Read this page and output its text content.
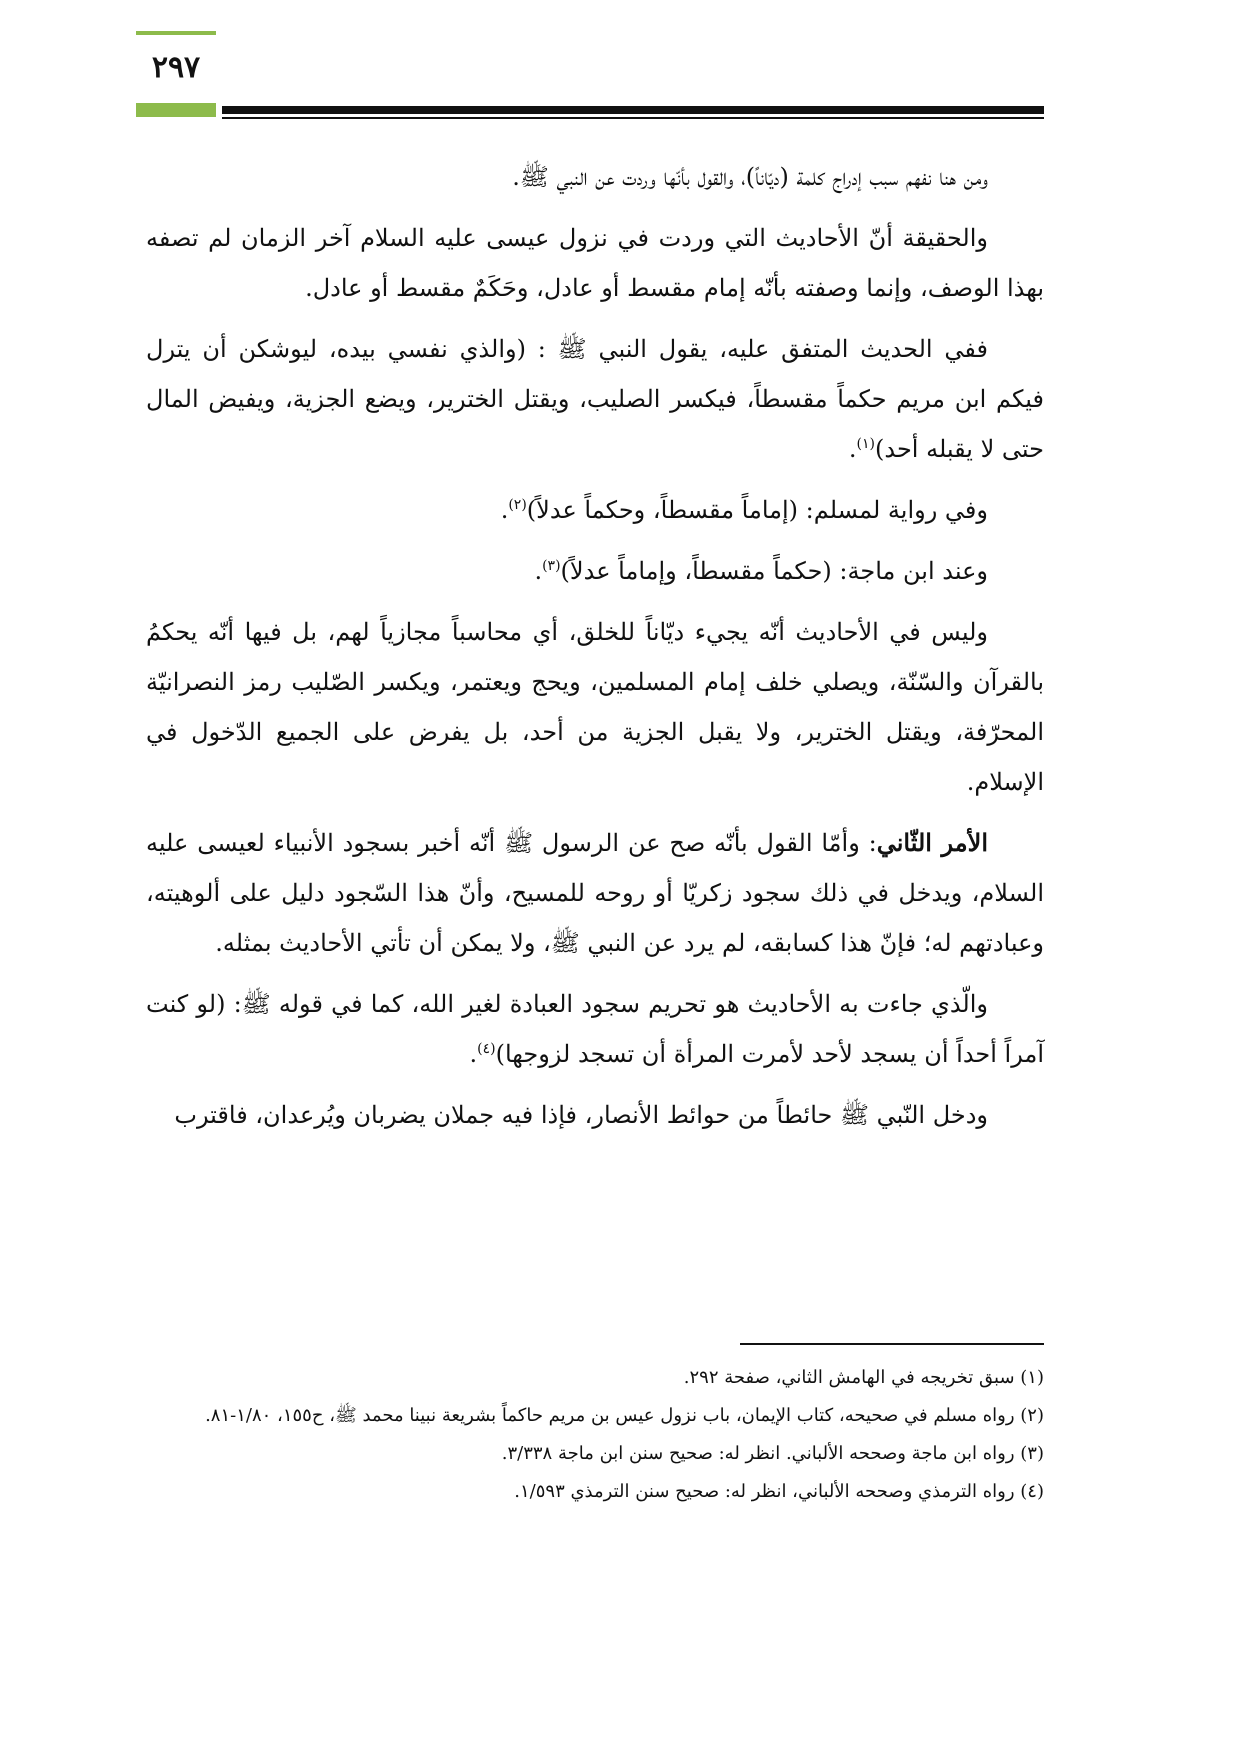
٢٩٧

ومن هنا نفهم سبب إدراج كلمة (ديّاناً)، والقول بأنّها وردت عن النبي ﷺ.

والحقيقة أنّ الأحاديث التي وردت في نزول عيسى عليه السلام آخر الزمان لم تصفه بهذا الوصف، وإنما وصفته بأنّه إمام مقسط أو عادل، وحَكَمٌ مقسط أو عادل.

ففي الحديث المتفق عليه، يقول النبي ﷺ : (والذي نفسي بيده، ليوشكن أن يترل فيكم ابن مريم حكماً مقسطاً، فيكسر الصليب، ويقتل الخترير، ويضع الجزية، ويفيض المال حتى لا يقبله أحد)$^{(١)}$.

وفي رواية لمسلم: (إماماً مقسطاً، وحكماً عدلاً)$^{(٢)}$.

وعند ابن ماجة: (حكماً مقسطاً، وإماماً عدلاً)$^{(٣)}$.

وليس في الأحاديث أنّه يجيء ديّاناً للخلق، أي محاسباً مجازياً لهم، بل فيها أنّه يحكمُ بالقرآن والسّنّة، ويصلي خلف إمام المسلمين، ويحج ويعتمر، ويكسر الصّليب رمز النصرانيّة المحرّفة، ويقتل الخترير، ولا يقبل الجزية من أحد، بل يفرض على الجميع الدّخول في الإسلام.

الأمر الثّاني: وأمّا القول بأنّه صح عن الرسول ﷺ أنّه أخبر بسجود الأنبياء لعيسى عليه السلام، ويدخل في ذلك سجود زكريّا أو روحه للمسيح، وأنّ هذا السّجود دليل على ألوهيته، وعبادتهم له؛ فإنّ هذا كسابقه، لم يرد عن النبي ﷺ، ولا يمكن أن تأتي الأحاديث بمثله.

والّذي جاءت به الأحاديث هو تحريم سجود العبادة لغير الله، كما في قوله ﷺ: (لو كنت آمراً أحداً أن يسجد لأحد لأمرت المرأة أن تسجد لزوجها)$^{(٤)}$.

ودخل النّبي ﷺ حائطاً من حوائط الأنصار، فإذا فيه جملان يضربان ويُرعدان، فاقترب

(١) سبق تخريجه في الهامش الثاني، صفحة ٢٩٢.
(٢) رواه مسلم في صحيحه، كتاب الإيمان، باب نزول عيس بن مريم حاكماً بشريعة نبينا محمد ﷺ، ح١٥٥، ١/٨٠-٨١.
(٣) رواه ابن ماجة وصححه الألباني. انظر له: صحيح سنن ابن ماجة ٣/٣٣٨.
(٤) رواه الترمذي وصححه الألباني، انظر له: صحيح سنن الترمذي ١/٥٩٣.
